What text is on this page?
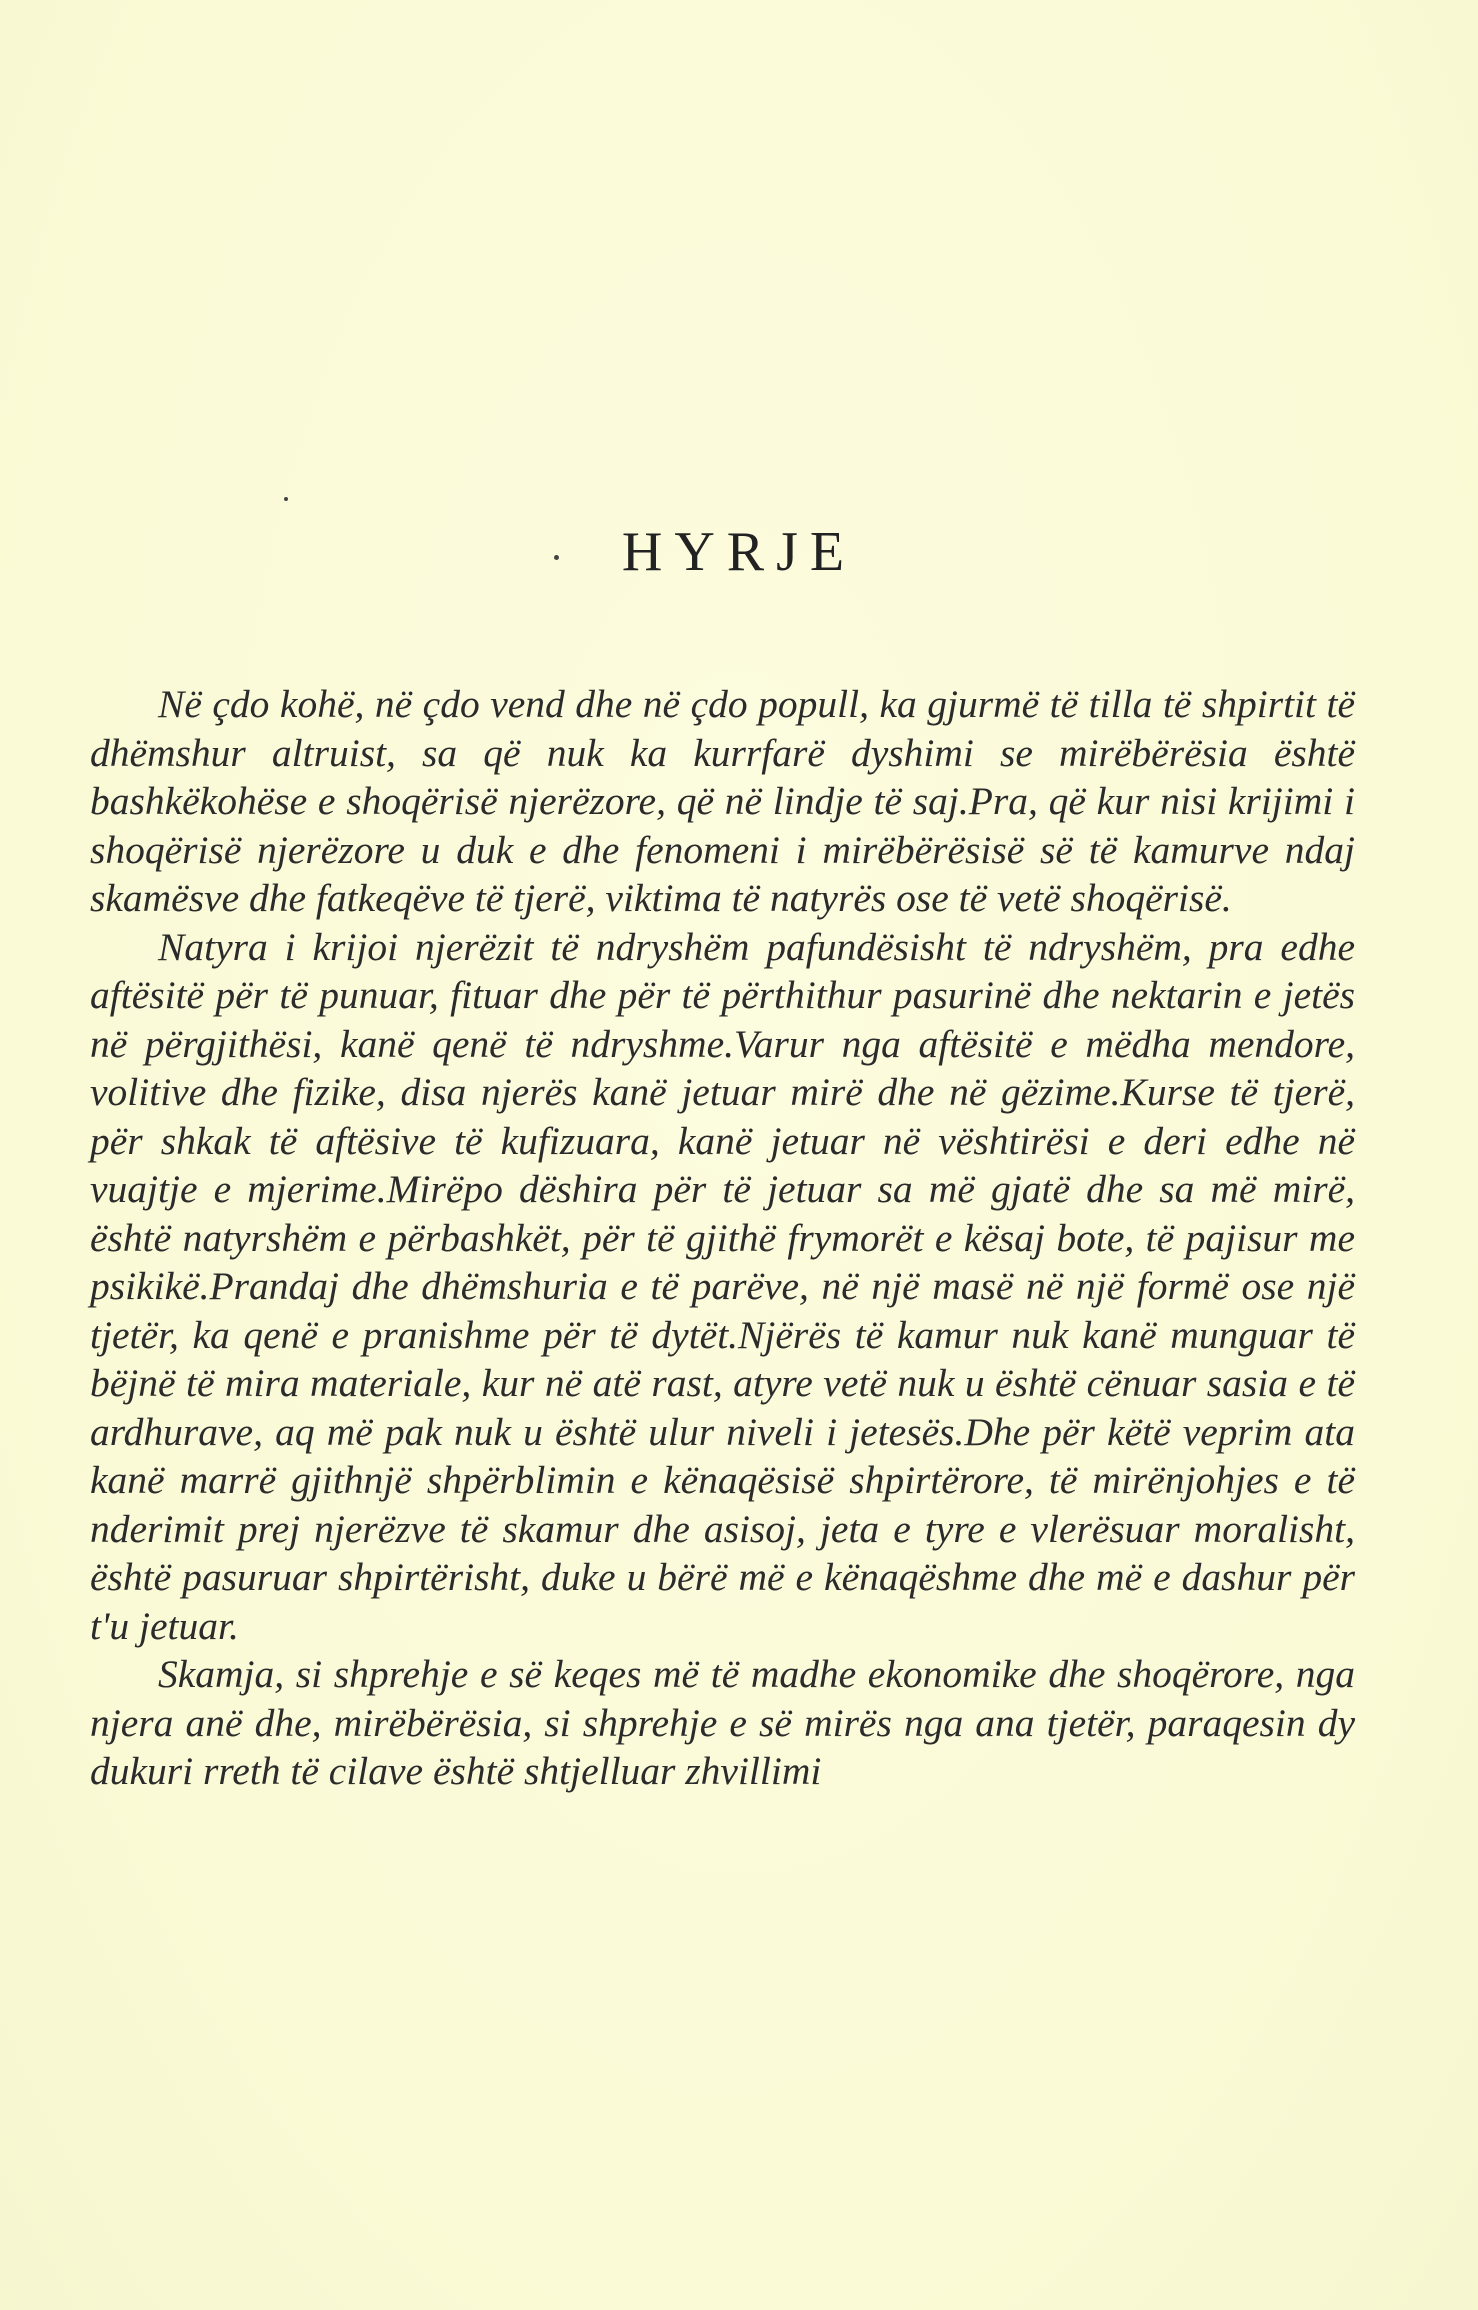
HYRJE

Në çdo kohë, në çdo vend dhe në çdo popull, ka gjurmë të tilla të shpirtit të dhëmshur altruist, sa që nuk ka kurrfarë dyshimi se mirëbërësia është bashkëkohëse e shoqërisë njerëzore, që në lindje të saj.Pra, që kur nisi krijimi i shoqërisë njerëzore u duk e dhe fenomeni i mirëbërësisë së të kamurve ndaj skamësve dhe fatkeqëve të tjerë, viktima të natyrës ose të vetë shoqërisë.

Natyra i krijoi njerëzit të ndryshëm pafundësisht të ndryshëm, pra edhe aftësitë për të punuar, fituar dhe për të përthithur pasurinë dhe nektarin e jetës në përgjithësi, kanë qenë të ndryshme.Varur nga aftësitë e mëdha mendore, volitive dhe fizike, disa njerës kanë jetuar mirë dhe në gëzime.Kurse të tjerë, për shkak të aftësive të kufizuara, kanë jetuar në vështirësi e deri edhe në vuajtje e mjerime.Mirëpo dëshira për të jetuar sa më gjatë dhe sa më mirë, është natyrshëm e përbashkët, për të gjithë frymorët e kësaj bote, të pajisur me psikikë.Prandaj dhe dhëmshuria e të parëve, në një masë në një formë ose një tjetër, ka qenë e pranishme për të dytët.Njërës të kamur nuk kanë munguar të bëjnë të mira materiale, kur në atë rast, atyre vetë nuk u është cënuar sasia e të ardhurave, aq më pak nuk u është ulur niveli i jetesës.Dhe për këtë veprim ata kanë marrë gjithnjë shpërblimin e kënaqësisë shpirtërore, të mirënjohjes e të nderimit prej njerëzve të skamur dhe asisoj, jeta e tyre e vlerësuar moralisht, është pasuruar shpirtërisht, duke u bërë më e kënaqëshme dhe më e dashur për t'u jetuar.

Skamja, si shprehje e së keqes më të madhe ekonomike dhe shoqërore, nga njera anë dhe, mirëbërësia, si shprehje e së mirës nga ana tjetër, paraqesin dy dukuri rreth të cilave është shtjelluar zhvillimi
